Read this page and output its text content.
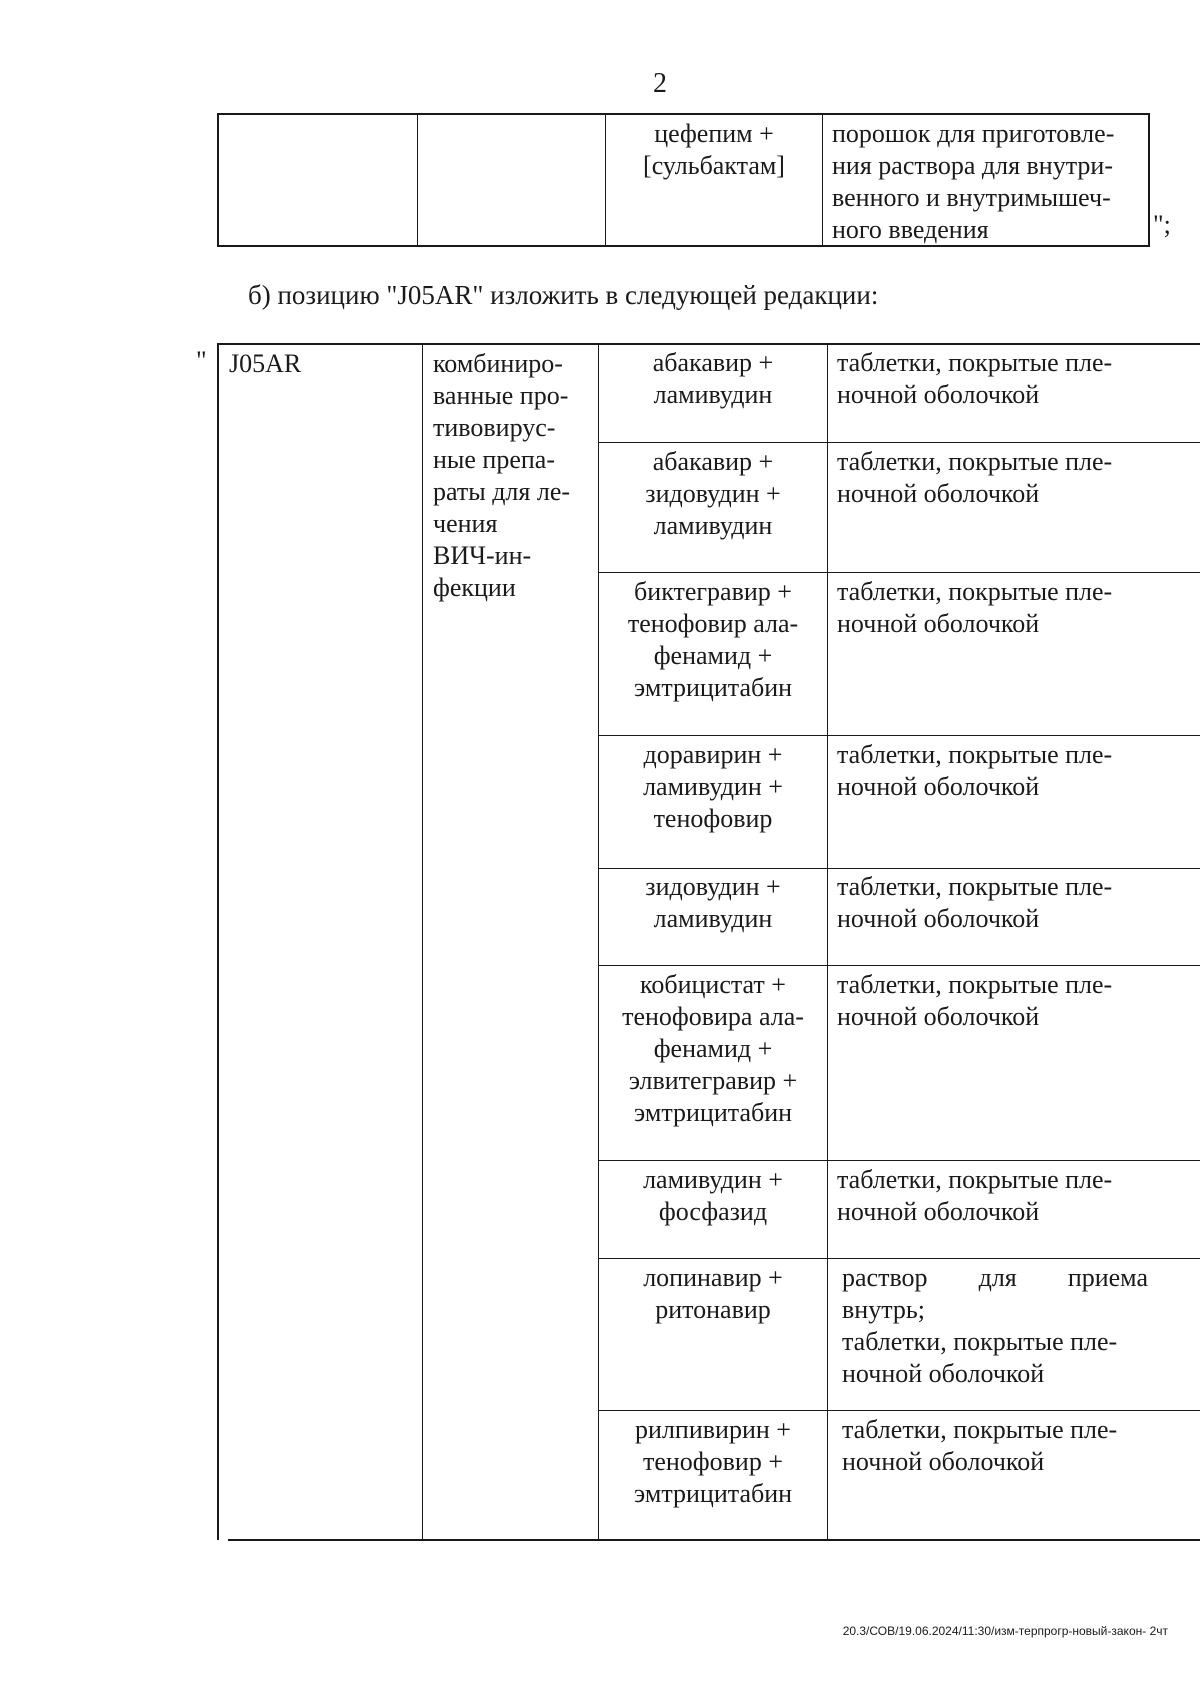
2
цефепим +
[сульбактам]
порошок для приготовле-
ния раствора для внутри-
венного и внутримышеч-
ного введения	";
б) позицию "J05AR" изложить в следующей редакции:
" J05AR	комбиниро-
ванные про-
тивовирус-
ные препа-
раты для ле-
чения
ВИЧ-ин-
фекции
абакавир +
ламивудин
таблетки, покрытые пле-
ночной оболочкой
абакавир +
зидовудин +
ламивудин
таблетки, покрытые пле-
ночной оболочкой
биктегравир +
тенофовир ала-
фенамид +
эмтрицитабин
таблетки, покрытые пле-
ночной оболочкой
доравирин +
ламивудин +
тенофовир
таблетки, покрытые пле-
ночной оболочкой
зидовудин +
ламивудин
таблетки, покрытые пле-
ночной оболочкой
кобицистат +
тенофовира ала-
фенамид +
элвитегравир +
эмтрицитабин
таблетки, покрытые пле-
ночной оболочкой
ламивудин +
фосфазид
таблетки, покрытые пле-
ночной оболочкой
лопинавир +
ритонавир
раствор для приема
внутрь;
таблетки, покрытые пле-
ночной оболочкой
рилпивирин +
тенофовир +
эмтрицитабин
таблетки, покрытые пле-
ночной оболочкой
20.3/СОВ/19.06.2024/11:30/изм-терпрогр-новый-закон- 2чт
